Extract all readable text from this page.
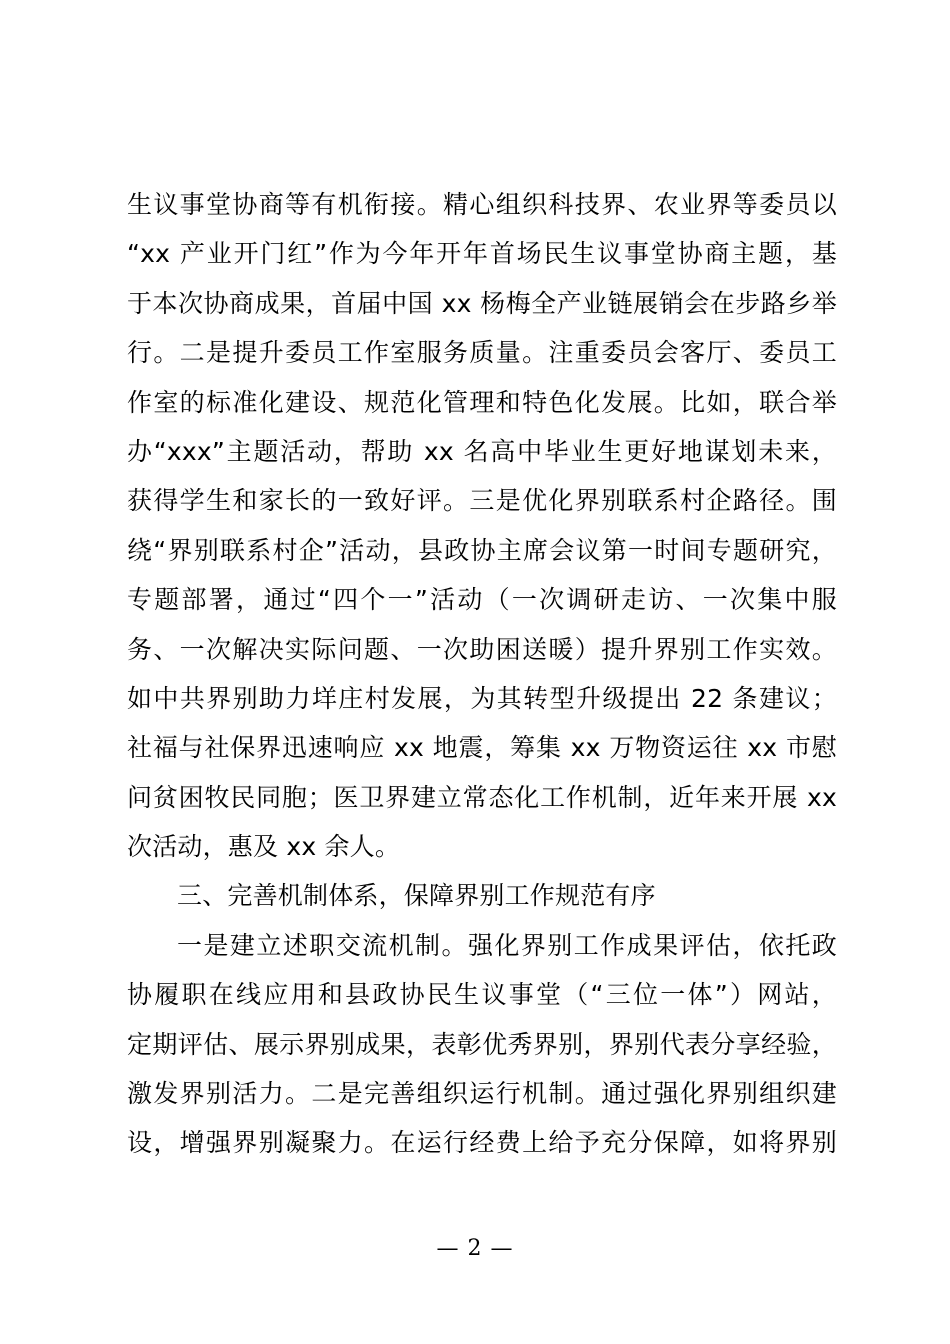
生议事堂协商等有机衔接。精心组织科技界、农业界等委员以
“xx 产业开门红”作为今年开年首场民生议事堂协商主题，基
于本次协商成果，首届中国 xx 杨梅全产业链展销会在步路乡举
行。二是提升委员工作室服务质量。注重委员会客厅、委员工
作室的标准化建设、规范化管理和特色化发展。比如，联合举
办“xxx”主题活动，帮助 xx 名高中毕业生更好地谋划未来，
获得学生和家长的一致好评。三是优化界别联系村企路径。围
绕“界别联系村企”活动，县政协主席会议第一时间专题研究，
专题部署，通过“四个一”活动（一次调研走访、一次集中服
务、一次解决实际问题、一次助困送暖）提升界别工作实效。
如中共界别助力垟庄村发展，为其转型升级提出 22 条建议；
社福与社保界迅速响应 xx 地震，筹集 xx 万物资运往 xx 市慰
问贫困牧民同胞；医卫界建立常态化工作机制，近年来开展 xx
次活动，惠及 xx 余人。
三、完善机制体系，保障界别工作规范有序
一是建立述职交流机制。强化界别工作成果评估，依托政
协履职在线应用和县政协民生议事堂（“三位一体”）网站，
定期评估、展示界别成果，表彰优秀界别，界别代表分享经验，
激发界别活力。二是完善组织运行机制。通过强化界别组织建
设，增强界别凝聚力。在运行经费上给予充分保障，如将界别
— 2 —
